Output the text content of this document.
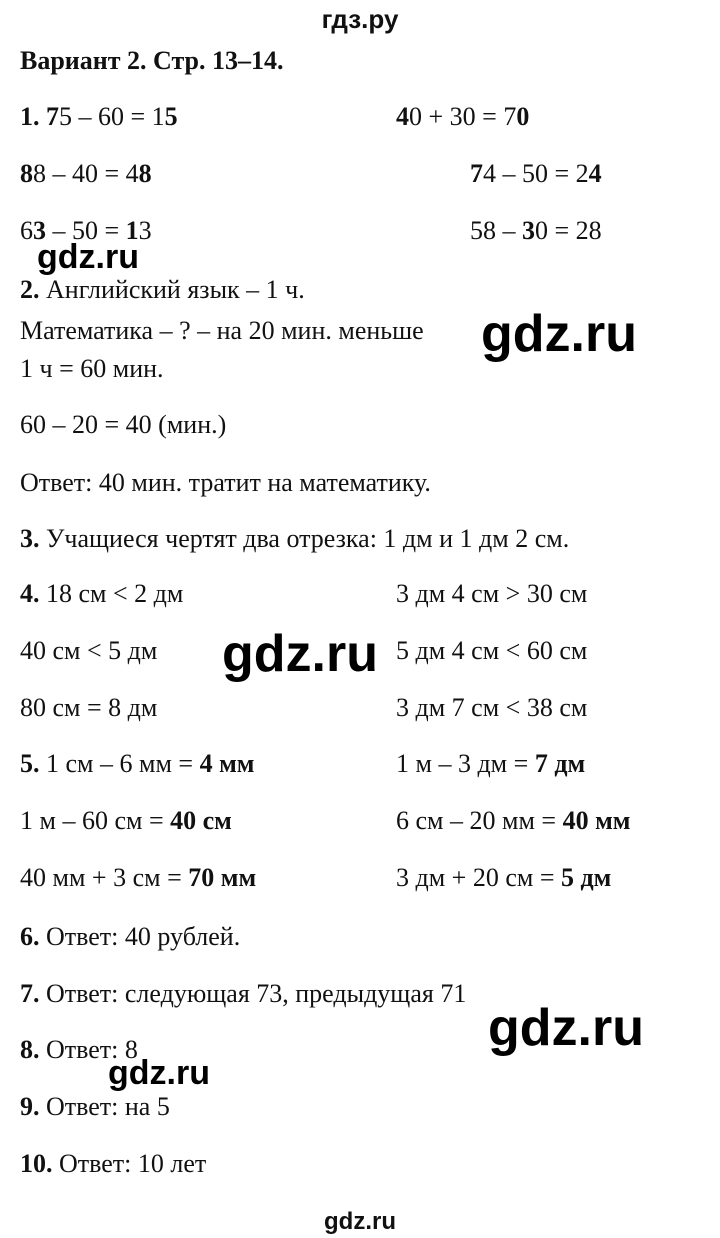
гдз.ру
Вариант 2. Стр. 13–14.
1. 75 – 60 = 15	40 + 30 = 70
88 – 40 = 48	74 – 50 = 24
63 – 50 = 13	58 – 30 = 28
2. Английский язык – 1 ч.
Математика – ? – на 20 мин. меньше
1 ч = 60 мин.
60 – 20 = 40 (мин.)
Ответ: 40 мин. тратит на математику.
3. Учащиеся чертят два отрезка: 1 дм и 1 дм 2 см.
4. 18 см < 2 дм	3 дм 4 см > 30 см
40 см < 5 дм	5 дм 4 см < 60 см
80 см = 8 дм	3 дм 7 см < 38 см
5. 1 см – 6 мм = 4 мм	1 м – 3 дм = 7 дм
1 м – 60 см = 40 см	6 см – 20 мм = 40 мм
40 мм + 3 см = 70 мм	3 дм + 20 см = 5 дм
6. Ответ: 40 рублей.
7. Ответ: следующая 73, предыдущая 71
8. Ответ: 8
9. Ответ: на 5
10. Ответ: 10 лет
gdz.ru
gdz.ru
gdz.ru
gdz.ru
gdz.ru
gdz.ru
